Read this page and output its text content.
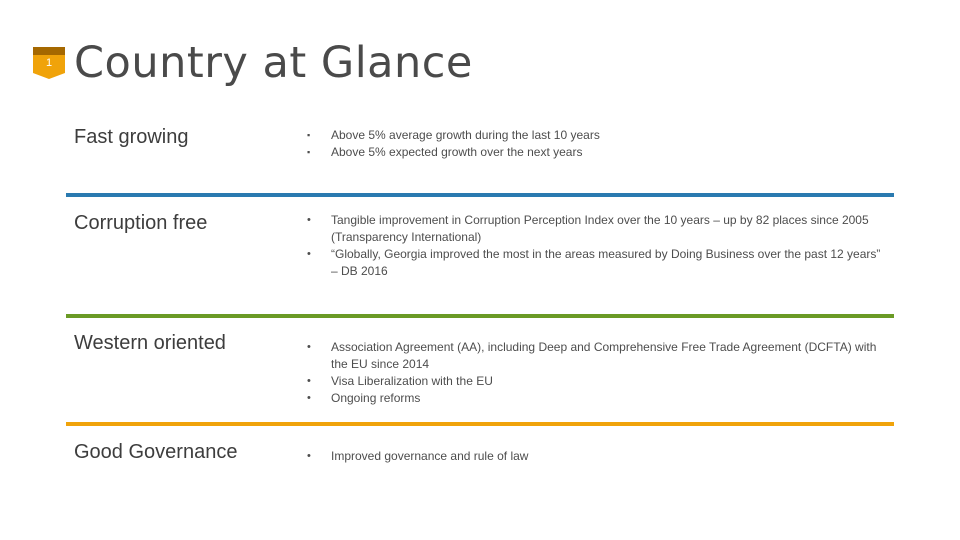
1 Country at Glance
Fast growing	▪ Above 5% average growth during the last 10 years
▪ Above 5% expected growth over the next years
Corruption free	• Tangible improvement in Corruption Perception Index over the 10 years – up by 82 places since 2005 (Transparency International)
• “Globally, Georgia improved the most in the areas measured by Doing Business over the past 12 years” – DB 2016
Western oriented	• Association Agreement (AA), including Deep and Comprehensive Free Trade Agreement (DCFTA) with the EU since 2014
• Visa Liberalization with the EU
• Ongoing reforms
Good Governance	• Improved governance and rule of law
